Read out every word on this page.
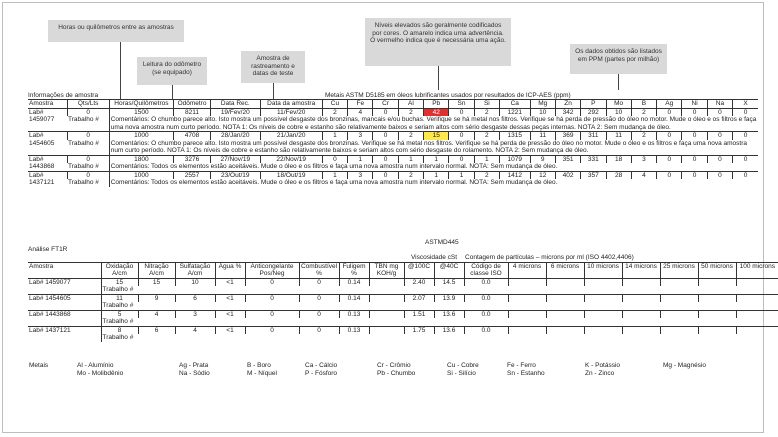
Horas ou quilômetros entre as amostras
Leitura do odômetro (se equipado)
Amostra de rastreamento e datas de teste
Níveis elevados são geralmente codificados por cores. O amarelo indica uma advertência. O vermelho indica que é necessária uma ação.
Os dados obtidos são listados em PPM (partes por milhão)
Informações de amostra	Metais ASTM D5185 em óleos lubrificantes usados por resultados de ICP-AES (ppm)
Amostra	Qts/Lts	Horas/Quilômetros	Odômetro	Data Rec.	Data da amostra	Cu	Fe	Cr	Al	Pb	Sn	Si	Ca	Mg	Zn	P	Mo	B	Ag	Ni	Na	X
Lab#	0	1500	8211	19/Fev/20	11/Fev/20	2	4	0	2	42	0	2	1221	10	342	292	10	2	0	0	0	0
1459077	Trabalho #	Comentários: O chumbo parece alto. Isto mostra um possível desgaste dos bronzinas, mancais e/ou buchas. Verifique se há metal nos filtros. Verifique se há perda de pressão do óleo no motor. Mude o óleo e os filtros e faça uma nova amostra num curto período. NOTA 1: Os níveis de cobre e estanho são relativamente baixos e seriam altos com sério desgaste dessas peças internas. NOTA 2: Sem mudança de óleo.																				
Lab#	0	1000	4708	28/Jan/20	21/Jan/20	1	3	0	2	15	0	2	1315	11	369	311	11	2	0	0	0	0
1454605	Trabalho #	Comentários: O chumbo parece alto. Isto mostra um possível desgaste dos bronzinas. Verifique se há metal nos filtros. Verifique se há perda de pressão do óleo no motor. Mude o óleo e os filtros e faça uma nova amostra num curto período. NOTA 1: Os níveis de cobre e estanho são relativamente baixos e seriam altos com sério desgaste do rolamento. NOTA 2: Sem mudança de óleo.																				
Lab#	0	1800	3276	27/Nov/19	22/Nov/19	0	1	0	1	1	0	1	1079	9	351	331	18	3	0	0	0	0
1443868	Trabalho #	Comentários: Todos os elementos estão aceitáveis. Mude o óleo e os filtros e faça uma nova amostra num intervalo normal. NOTA: Sem mudança de óleo.																				
Lab#	0	1000	2557	23/Out/19	18/Out/19	1	3	0	2	1	1	2	1412	12	402	357	28	4	0	0	0	0
1437121	Trabalho #	Comentários: Todos os elementos estão aceitáveis. Mude o óleo e os filtros e faça uma nova amostra num intervalo normal. NOTA: Sem mudança de óleo.																				
Análise FT1R
ASTMD445
									Viscosidade cSt		Contagem de partículas – microns por ml (ISO 4402,4406)							
Amostra	Oxidação A/cm	Nitração A/cm	Sulfatação A/cm	Água %	Anticongelante Pos/Neg	Combustível %	Fuligem %	TBN mg KOH/g	@100C	@40C	Código de classe ISO	4 microns	6 microns	10 microns	14 microns	25 microns	50 microns	100 microns
Lab# 1459077	15	15	10	<1	0	0	0.14		2.40	14.5	0.0							
	Trabalho #																	
Lab# 1454605	11	9	6	<1	0	0	0.14		2.07	13.9	0.0							
	Trabalho #																	
Lab# 1443868	5	4	3	<1	0	0	0.13		1.51	13.6	0.0							
	Trabalho #																	
Lab# 1437121	8	6	4	<1	0	0	0.13		1.75	13.6	0.0							
	Trabalho #																	
Metais	Al - Alumínio	Ag - Prata	B - Boro	Ca - Cálcio	Cr - Crômio	Cu - Cobre	Fe - Ferro	K - Potássio	Mg - Magnésio
	Mo - Molibdênio	Na - Sódio	M - Níquel	P - Fósforo	Pb - Chumbo	Si - Silício	Sn - Estanho	Zn - Zinco	
